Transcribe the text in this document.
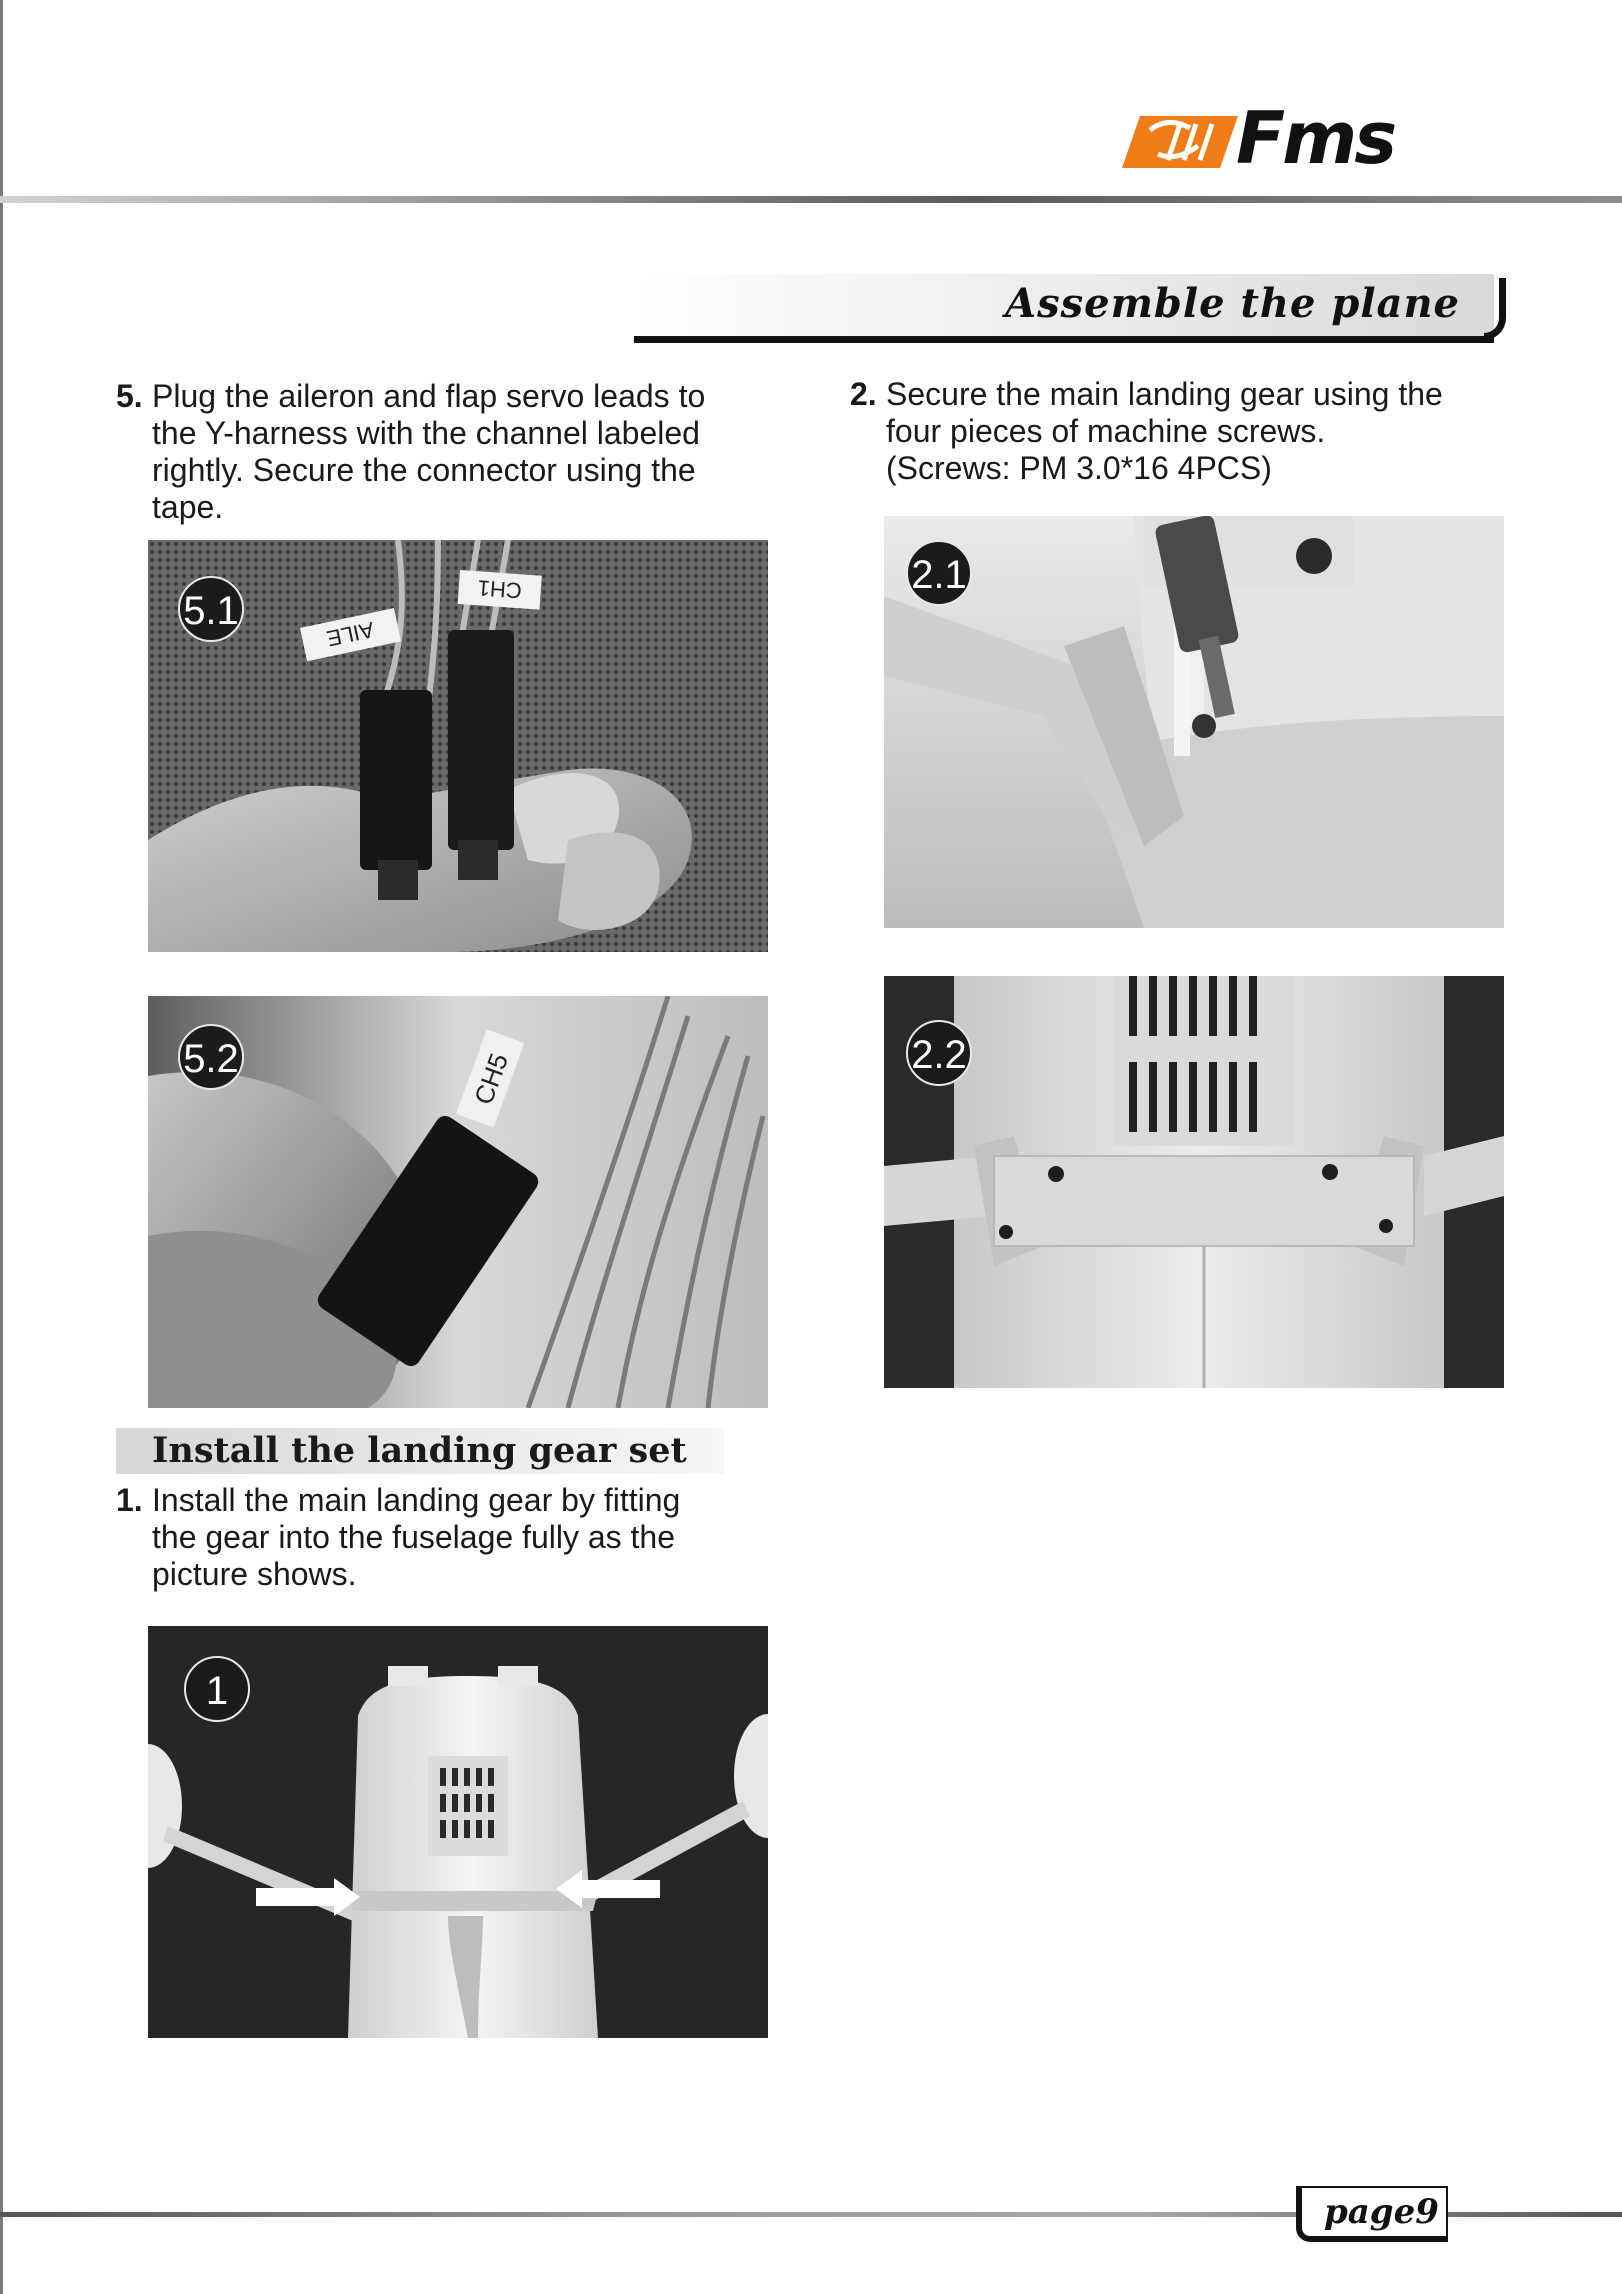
Fms
Assemble the plane
5. Plug the aileron and flap servo leads to
the Y-harness with the channel labeled
rightly. Secure the connector using the
tape.
AILE
CH1
5.1
CH5
5.2
Install the landing gear set
1. Install the main landing gear by fitting
the gear into the fuselage fully as the
picture shows.
1
2. Secure the main landing gear using the
four pieces of machine screws.
(Screws: PM 3.0*16 4PCS)
2.1
2.2
page9
